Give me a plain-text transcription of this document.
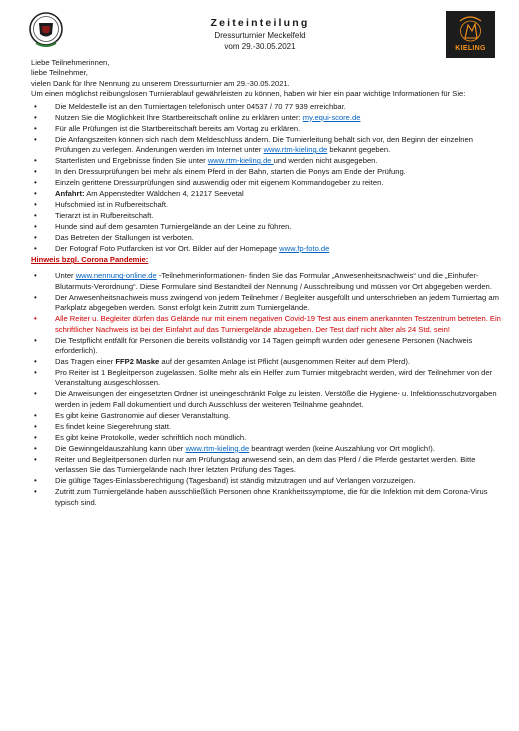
KIELING
Zeiteinteilung
Dressurturnier Meckelfeld
vom 29.-30.05.2021

Liebe Teilnehmerinnen,

liebe Teilnehmer,

vielen Dank für Ihre Nennung zu unserem Dressurturnier am 29.-30.05.2021.

Um einen möglichst reibungslosen Turnierablauf gewährleisten zu können, haben wir hier ein paar wichtige Informationen für Sie:

• Die Meldestelle ist an den Turniertagen telefonisch unter 04537 / 70 77 939 erreichbar.
• Nutzen Sie die Möglichkeit Ihre Startbereitschaft online zu erklären unter: my.equi-score.de
• Für alle Prüfungen ist die Startbereitschaft bereits am Vortag zu erklären.
• Die Anfangszeiten können sich nach dem Meldeschluss ändern. Die Turnierleitung behält sich vor, den Beginn der einzelnen Prüfungen zu verlegen. Änderungen werden im Internet unter www.rtm-kieling.de bekannt gegeben.
• Starterlisten und Ergebnisse finden Sie unter www.rtm-kieling.de und werden nicht ausgegeben.
• In den Dressurprüfungen bei mehr als einem Pferd in der Bahn, starten die Ponys am Ende der Prüfung.
• Einzeln gerittene Dressurprüfungen sind auswendig oder mit eigenem Kommandogeber zu reiten.
• Anfahrt: Am Appenstedter Wäldchen 4, 21217 Seevetal
• Hufschmied ist in Rufbereitschaft.
• Tierarzt ist in Rufbereitschaft.
• Hunde sind auf dem gesamten Turniergelände an der Leine zu führen.
• Das Betreten der Stallungen ist verboten.
• Der Fotograf Foto Putfarcken ist vor Ort. Bilder auf der Homepage www.fp-foto.de

Hinweis bzgl. Corona Pandemie:

• Unter www.nennung-online.de -Teilnehmerinformationen- finden Sie das Formular „Anwesenheitsnachweis“ und die „Einhufer-Blutarmuts-Verordnung“. Diese Formulare sind Bestandteil der Nennung / Ausschreibung und müssen vor Ort abgegeben werden.
• Der Anwesenheitsnachweis muss zwingend von jedem Teilnehmer / Begleiter ausgefüllt und unterschrieben an jedem Turniertag am Parkplatz abgegeben werden. Sonst erfolgt kein Zutritt zum Turniergelände.
• Alle Reiter u. Begleiter dürfen das Gelände nur mit einem negativen Covid-19 Test aus einem anerkannten Testzentrum betreten. Ein schriftlicher Nachweis ist bei der Einfahrt auf das Turniergelände abzugeben. Der Test darf nicht älter als 24 Std. sein!
• Die Testpflicht entfällt für Personen die bereits vollständig vor 14 Tagen geimpft wurden oder genesene Personen (Nachweis erforderlich).
• Das Tragen einer FFP2 Maske auf der gesamten Anlage ist Pflicht (ausgenommen Reiter auf dem Pferd).
• Pro Reiter ist 1 Begleitperson zugelassen. Sollte mehr als ein Helfer zum Turnier mitgebracht werden, wird der Teilnehmer von der Veranstaltung ausgeschlossen.
• Die Anweisungen der eingesetzten Ordner ist uneingeschränkt Folge zu leisten. Verstöße die Hygiene- u. Infektionsschutzvorgaben werden in jedem Fall dokumentiert und durch Ausschluss der weiteren Teilnahme geahndet.
• Es gibt keine Gastronomie auf dieser Veranstaltung.
• Es findet keine Siegerehrung statt.
• Es gibt keine Protokolle, weder schriftlich noch mündlich.
• Die Gewinngeldauszahlung kann über www.rtm-kieling.de beantragt werden (keine Auszahlung vor Ort möglich!).
• Reiter und Begleitpersonen dürfen nur am Prüfungstag anwesend sein, an dem das Pferd / die Pferde gestartet werden. Bitte verlassen Sie das Turniergelände nach Ihrer letzten Prüfung des Tages.
• Die gültige Tages-Einlassberechtigung (Tagesband) ist ständig mitzutragen und auf Verlangen vorzuzeigen.
• Zutritt zum Turniergelände haben ausschließlich Personen ohne Krankheitssymptome, die für die Infektion mit dem Corona-Virus typisch sind.
